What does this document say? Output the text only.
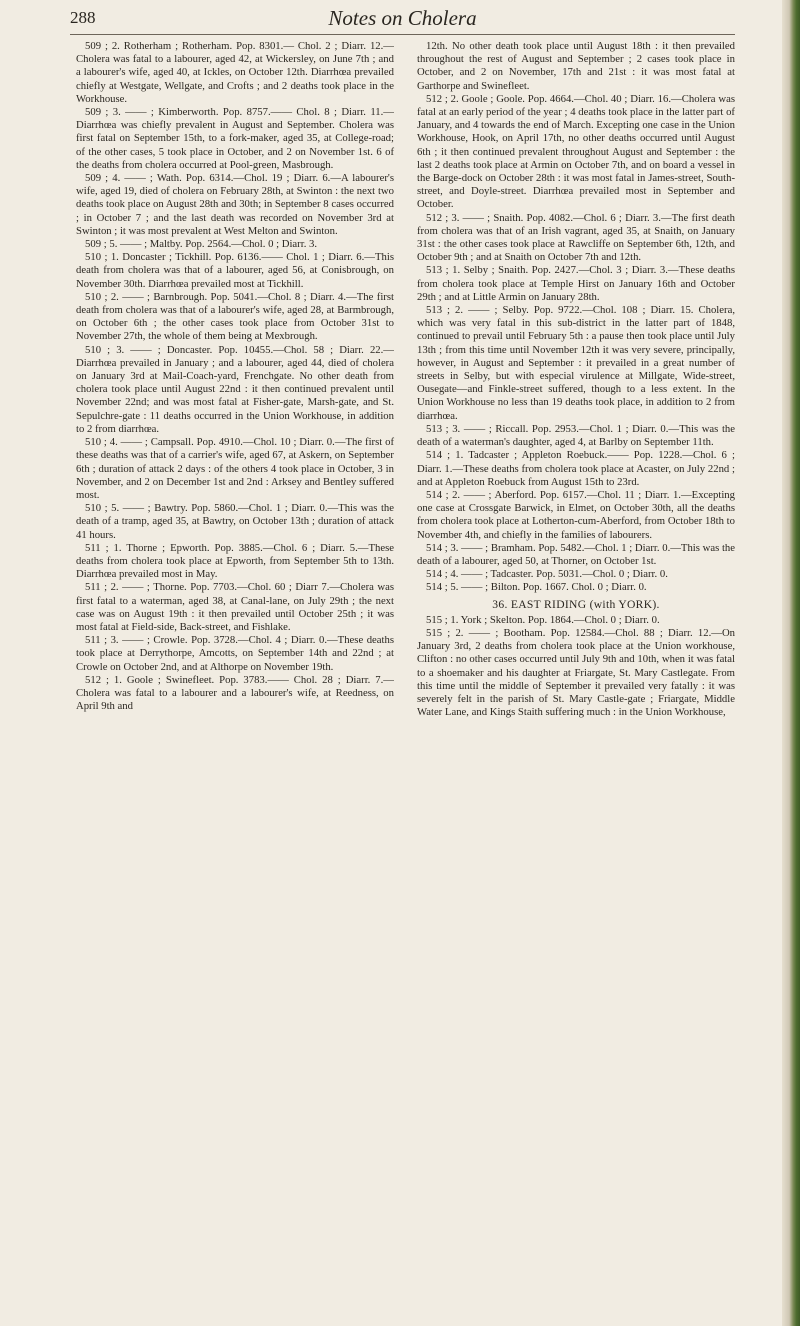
288	Notes on Cholera

509 ; 2. Rotherham ; Rotherham. Pop. 8301.— Chol. 2 ; Diarr. 12.—Cholera was fatal to a labourer, aged 42, at Wickersley, on June 7th ; and a labourer's wife, aged 40, at Ickles, on October 12th. Diarrhœa prevailed chiefly at Westgate, Wellgate, and Crofts ; and 2 deaths took place in the Workhouse.

509 ; 3. —— ; Kimberworth. Pop. 8757.—— Chol. 8 ; Diarr. 11.—Diarrhœa was chiefly prevalent in August and September. Cholera was first fatal on September 15th, to a fork-maker, aged 35, at College-road; of the other cases, 5 took place in October, and 2 on November 1st. 6 of the deaths from cholera occurred at Pool-green, Masbrough.

509 ; 4. —— ; Wath. Pop. 6314.—Chol. 19 ; Diarr. 6.—A labourer's wife, aged 19, died of cholera on February 28th, at Swinton : the next two deaths took place on August 28th and 30th; in September 8 cases occurred ; in October 7 ; and the last death was recorded on November 3rd at Swinton ; it was most prevalent at West Melton and Swinton.

509 ; 5. —— ; Maltby. Pop. 2564.—Chol. 0 ; Diarr. 3.

510 ; 1. Doncaster ; Tickhill. Pop. 6136.—— Chol. 1 ; Diarr. 6.—This death from cholera was that of a labourer, aged 56, at Conisbrough, on November 30th. Diarrhœa prevailed most at Tickhill.

510 ; 2. —— ; Barnbrough. Pop. 5041.—Chol. 8 ; Diarr. 4.—The first death from cholera was that of a labourer's wife, aged 28, at Barmbrough, on October 6th ; the other cases took place from October 31st to November 27th, the whole of them being at Mexbrough.

510 ; 3. —— ; Doncaster. Pop. 10455.—Chol. 58 ; Diarr. 22.—Diarrhœa prevailed in January ; and a labourer, aged 44, died of cholera on January 3rd at Mail-Coach-yard, Frenchgate. No other death from cholera took place until August 22nd : it then continued prevalent until November 22nd; and was most fatal at Fisher-gate, Marsh-gate, and St. Sepulchre-gate : 11 deaths occurred in the Union Workhouse, in addition to 2 from diarrhœa.

510 ; 4. —— ; Campsall. Pop. 4910.—Chol. 10 ; Diarr. 0.—The first of these deaths was that of a carrier's wife, aged 67, at Askern, on September 6th ; duration of attack 2 days : of the others 4 took place in October, 3 in November, and 2 on December 1st and 2nd : Arksey and Bentley suffered most.

510 ; 5. —— ; Bawtry. Pop. 5860.—Chol. 1 ; Diarr. 0.—This was the death of a tramp, aged 35, at Bawtry, on October 13th ; duration of attack 41 hours.

511 ; 1. Thorne ; Epworth. Pop. 3885.—Chol. 6 ; Diarr. 5.—These deaths from cholera took place at Epworth, from September 5th to 13th. Diarrhœa prevailed most in May.

511 ; 2. —— ; Thorne. Pop. 7703.—Chol. 60 ; Diarr 7.—Cholera was first fatal to a waterman, aged 38, at Canal-lane, on July 29th ; the next case was on August 19th : it then prevailed until October 25th ; it was most fatal at Field-side, Back-street, and Fishlake.

511 ; 3. —— ; Crowle. Pop. 3728.—Chol. 4 ; Diarr. 0.—These deaths took place at Derrythorpe, Amcotts, on September 14th and 22nd ; at Crowle on October 2nd, and at Althorpe on November 19th.

512 ; 1. Goole ; Swinefleet. Pop. 3783.—— Chol. 28 ; Diarr. 7.—Cholera was fatal to a labourer and a labourer's wife, at Reedness, on April 9th and

12th. No other death took place until August 18th : it then prevailed throughout the rest of August and September ; 2 cases took place in October, and 2 on November, 17th and 21st : it was most fatal at Garthorpe and Swinefleet.

512 ; 2. Goole ; Goole. Pop. 4664.—Chol. 40 ; Diarr. 16.—Cholera was fatal at an early period of the year ; 4 deaths took place in the latter part of January, and 4 towards the end of March. Excepting one case in the Union Workhouse, Hook, on April 17th, no other deaths occurred until August 6th ; it then continued prevalent throughout August and September : the last 2 deaths took place at Armin on October 7th, and on board a vessel in the Barge-dock on October 28th : it was most fatal in James-street, South-street, and Doyle-street. Diarrhœa prevailed most in September and October.

512 ; 3. —— ; Snaith. Pop. 4082.—Chol. 6 ; Diarr. 3.—The first death from cholera was that of an Irish vagrant, aged 35, at Snaith, on January 31st : the other cases took place at Rawcliffe on September 6th, 12th, and October 9th ; and at Snaith on October 7th and 12th.

513 ; 1. Selby ; Snaith. Pop. 2427.—Chol. 3 ; Diarr. 3.—These deaths from cholera took place at Temple Hirst on January 16th and October 29th ; and at Little Armin on January 28th.

513 ; 2. —— ; Selby. Pop. 9722.—Chol. 108 ; Diarr. 15. Cholera, which was very fatal in this sub-district in the latter part of 1848, continued to prevail until February 5th : a pause then took place until July 13th ; from this time until November 12th it was very severe, principally, however, in August and September : it prevailed in a great number of streets in Selby, but with especial virulence at Millgate, Wide-street, Ousegate—and Finkle-street suffered, though to a less extent. In the Union Workhouse no less than 19 deaths took place, in addition to 2 from diarrhœa.

513 ; 3. —— ; Riccall. Pop. 2953.—Chol. 1 ; Diarr. 0.—This was the death of a waterman's daughter, aged 4, at Barlby on September 11th.

514 ; 1. Tadcaster ; Appleton Roebuck.—— Pop. 1228.—Chol. 6 ; Diarr. 1.—These deaths from cholera took place at Acaster, on July 22nd ; and at Appleton Roebuck from August 15th to 23rd.

514 ; 2. —— ; Aberford. Pop. 6157.—Chol. 11 ; Diarr. 1.—Excepting one case at Crossgate Barwick, in Elmet, on October 30th, all the deaths from cholera took place at Lotherton-cum-Aberford, from October 18th to November 4th, and chiefly in the families of labourers.

514 ; 3. —— ; Bramham. Pop. 5482.—Chol. 1 ; Diarr. 0.—This was the death of a labourer, aged 50, at Thorner, on October 1st.

514 ; 4. —— ; Tadcaster. Pop. 5031.—Chol. 0 ; Diarr. 0.

514 ; 5. —— ; Bilton. Pop. 1667. Chol. 0 ; Diarr. 0.

36. EAST RIDING (with YORK).

515 ; 1. York ; Skelton. Pop. 1864.—Chol. 0 ; Diarr. 0.

515 ; 2. —— ; Bootham. Pop. 12584.—Chol. 88 ; Diarr. 12.—On January 3rd, 2 deaths from cholera took place at the Union workhouse, Clifton : no other cases occurred until July 9th and 10th, when it was fatal to a shoemaker and his daughter at Friargate, St. Mary Castlegate. From this time until the middle of September it prevailed very fatally : it was severely felt in the parish of St. Mary Castle-gate ; Friargate, Middle Water Lane, and Kings Staith suffering much : in the Union Workhouse,
